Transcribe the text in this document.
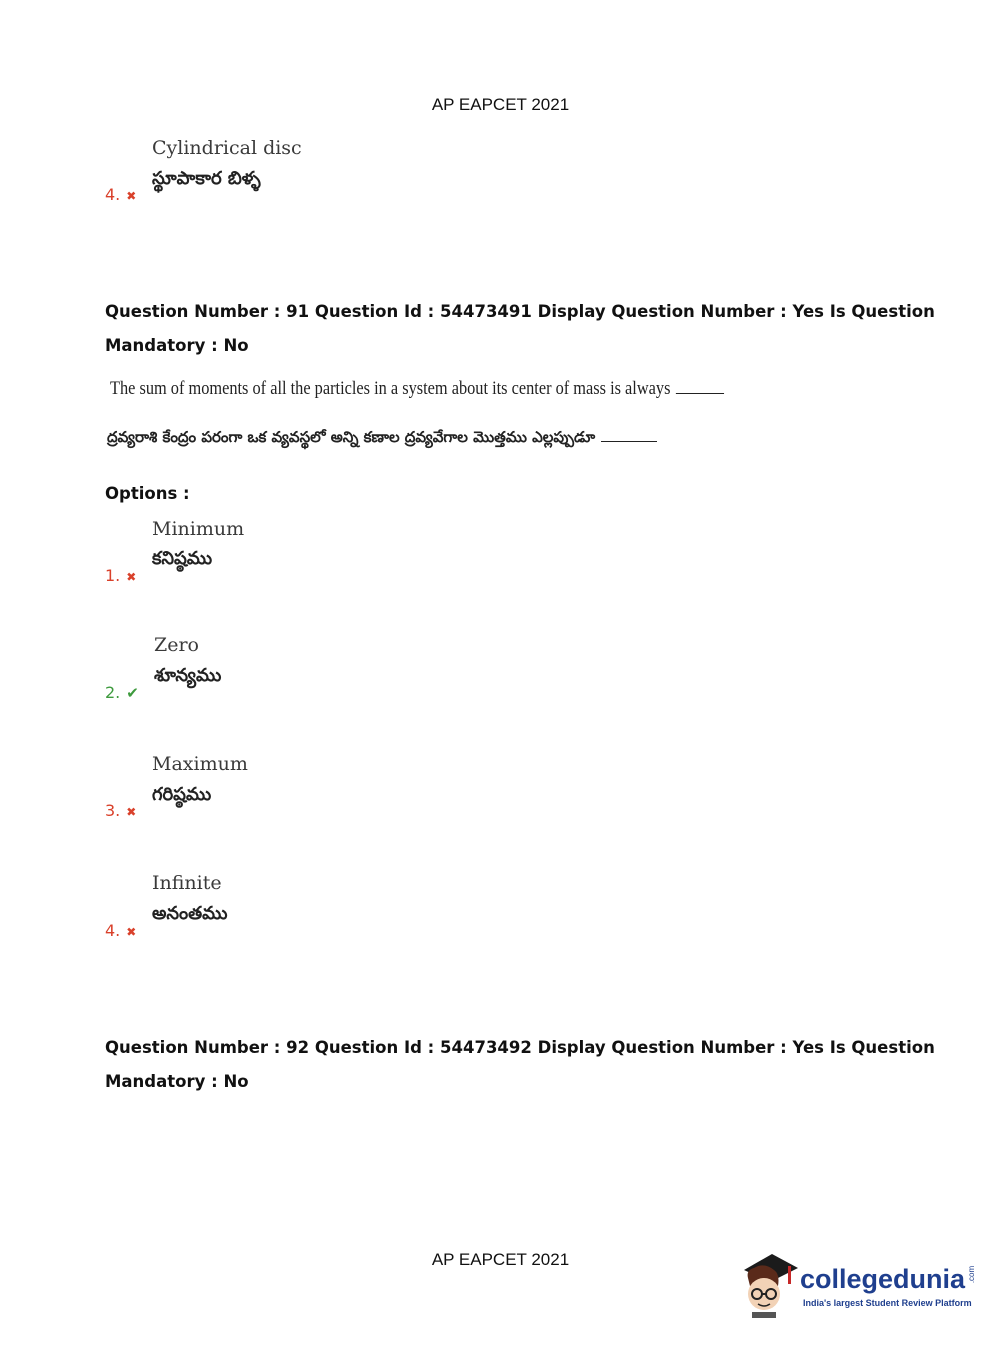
AP EAPCET 2021
Cylindrical disc
స్థూపాకార బిళ్ళ
4. ✖
Question Number : 91 Question Id : 54473491 Display Question Number : Yes Is Question
Mandatory : No
The sum of moments of all the particles in a system about its center of mass is always
ద్రవ్యరాశి కేంద్రం పరంగా ఒక వ్యవస్థలో అన్ని కణాల ద్రవ్యవేగాల మొత్తము ఎల్లప్పుడూ
Options :
Minimum
కనిష్ఠము
1. ✖
Zero
శూన్యము
2. ✔
Maximum
గరిష్ఠము
3. ✖
Infinite
అనంతము
4. ✖
Question Number : 92 Question Id : 54473492 Display Question Number : Yes Is Question
Mandatory : No
AP EAPCET 2021
collegedunia .com
India's largest Student Review Platform
